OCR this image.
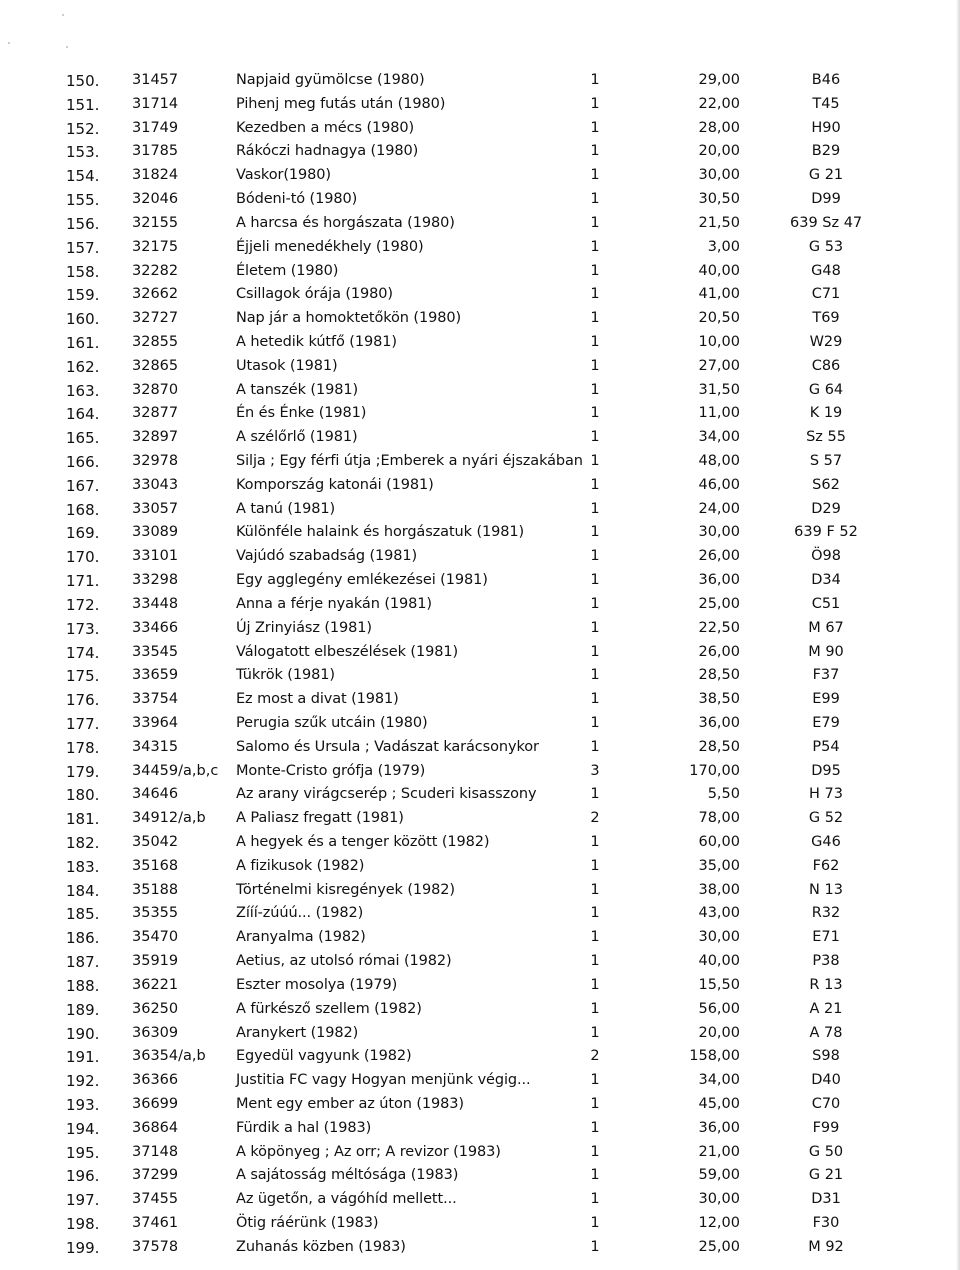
150. 31457	Napjaid gyümölcse (1980)	1	29,00	B46
151. 31714	Pihenj meg futás után (1980)	1	22,00	T45
152. 31749	Kezedben a mécs (1980)	1	28,00	H90
153. 31785	Rákóczi hadnagya (1980)	1	20,00	B29
154. 31824	Vaskor(1980)	1	30,00	G 21
155. 32046	Bódeni-tó (1980)	1	30,50	D99
156. 32155	A harcsa és horgászata (1980)	1	21,50	639 Sz 47
157. 32175	Éjjeli menedékhely (1980)	1	3,00	G 53
158. 32282	Életem (1980)	1	40,00	G48
159. 32662	Csillagok órája (1980)	1	41,00	C71
160. 32727	Nap jár a homoktetőkön (1980)	1	20,50	T69
161. 32855	A hetedik kútfő (1981)	1	10,00	W29
162. 32865	Utasok (1981)	1	27,00	C86
163. 32870	A tanszék (1981)	1	31,50	G 64
164. 32877	Én és Énke (1981)	1	11,00	K 19
165. 32897	A szélőrlő (1981)	1	34,00	Sz 55
166. 32978	Silja ; Egy férfi útja ;Emberek a nyári éjszakában 1	48,00	S 57
167. 33043	Kompország katonái (1981)	1	46,00	S62
168. 33057	A tanú (1981)	1	24,00	D29
169. 33089	Különféle halaink és horgászatuk (1981)	1	30,00	639 F 52
170. 33101	Vajúdó szabadság (1981)	1	26,00	Ö98
171. 33298	Egy agglegény emlékezései (1981)	1	36,00	D34
172. 33448	Anna a férje nyakán (1981)	1	25,00	C51
173. 33466	Új Zrinyiász (1981)	1	22,50	M 67
174. 33545	Válogatott elbeszélések (1981)	1	26,00	M 90
175. 33659	Tükrök (1981)	1	28,50	F37
176. 33754	Ez most a divat (1981)	1	38,50	E99
177. 33964	Perugia szűk utcáin (1980)	1	36,00	E79
178. 34315	Salomo és Ursula ; Vadászat karácsonykor	1	28,50	P54
179. 34459/a,b,c Monte-Cristo grófja (1979)	3	170,00	D95
180. 34646	Az arany virágcserép ; Scuderi kisasszony	1	5,50	H 73
181. 34912/a,b A Paliasz fregatt (1981)	2	78,00	G 52
182. 35042	A hegyek és a tenger között (1982)	1	60,00	G46
183. 35168	A fizikusok (1982)	1	35,00	F62
184. 35188	Történelmi kisregények (1982)	1	38,00	N 13
185. 35355	Zííí-zúúú... (1982)	1	43,00	R32
186. 35470	Aranyalma (1982)	1	30,00	E71
187. 35919	Aetius, az utolsó római (1982)	1	40,00	P38
188. 36221	Eszter mosolya (1979)	1	15,50	R 13
189. 36250	A fürkésző szellem (1982)	1	56,00	A 21
190. 36309	Aranykert (1982)	1	20,00	A 78
191. 36354/a,b Egyedül vagyunk (1982)	2	158,00	S98
192. 36366	Justitia FC vagy Hogyan menjünk végig...	1	34,00	D40
193. 36699	Ment egy ember az úton (1983)	1	45,00	C70
194. 36864	Fürdik a hal (1983)	1	36,00	F99
195. 37148	A köpönyeg ; Az orr; A revizor (1983)	1	21,00	G 50
196. 37299	A sajátosság méltósága (1983)	1	59,00	G 21
197. 37455	Az ügetőn, a vágóhíd mellett...	1	30,00	D31
198. 37461	Ötig ráérünk (1983)	1	12,00	F30
199. 37578	Zuhanás közben (1983)	1	25,00	M 92
